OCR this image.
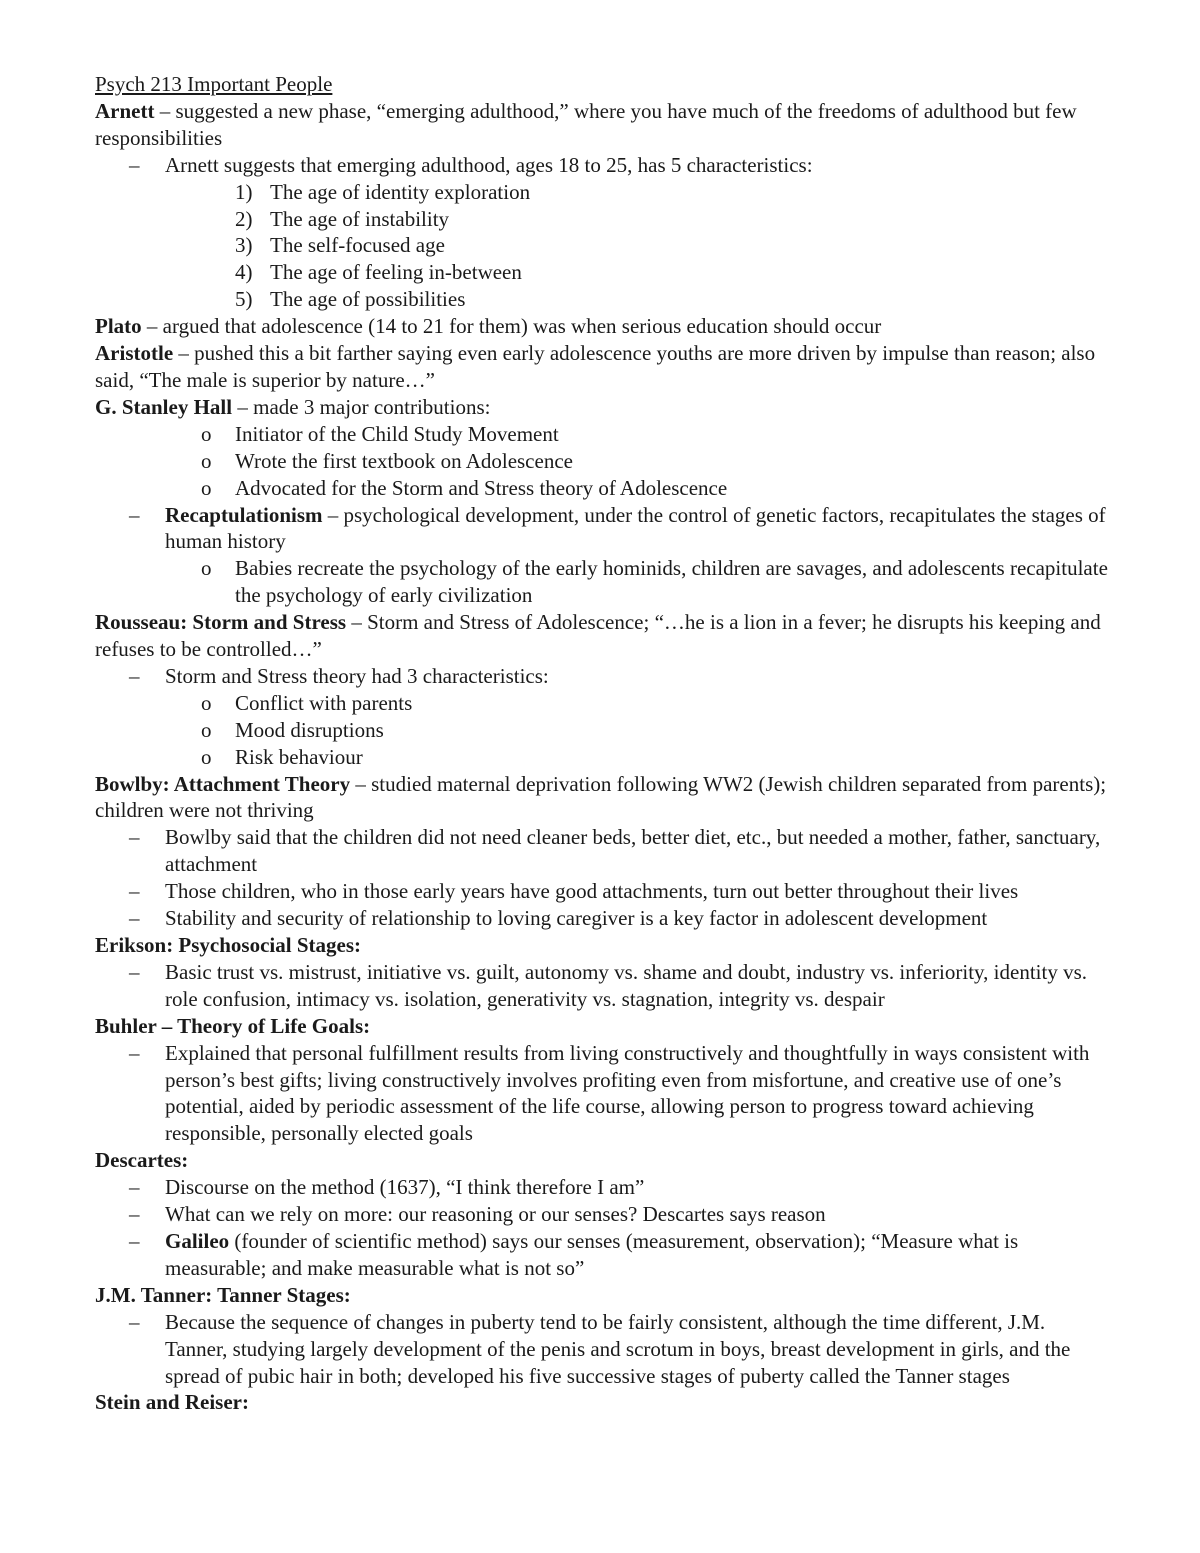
Psych 213 Important People

Arnett – suggested a new phase, “emerging adulthood,” where you have much of the freedoms of adulthood but few responsibilities

– Arnett suggests that emerging adulthood, ages 18 to 25, has 5 characteristics:
1) The age of identity exploration
2) The age of instability
3) The self-focused age
4) The age of feeling in-between
5) The age of possibilities

Plato – argued that adolescence (14 to 21 for them) was when serious education should occur

Aristotle – pushed this a bit farther saying even early adolescence youths are more driven by impulse than reason; also said, “The male is superior by nature…”

G. Stanley Hall – made 3 major contributions:

o Initiator of the Child Study Movement
o Wrote the first textbook on Adolescence
o Advocated for the Storm and Stress theory of Adolescence
– Recaptulationism – psychological development, under the control of genetic factors, recapitulates the stages of human history
o Babies recreate the psychology of the early hominids, children are savages, and adolescents recapitulate the psychology of early civilization

Rousseau: Storm and Stress – Storm and Stress of Adolescence; “…he is a lion in a fever; he disrupts his keeping and refuses to be controlled…”

– Storm and Stress theory had 3 characteristics:
o Conflict with parents
o Mood disruptions
o Risk behaviour

Bowlby: Attachment Theory – studied maternal deprivation following WW2 (Jewish children separated from parents); children were not thriving

– Bowlby said that the children did not need cleaner beds, better diet, etc., but needed a mother, father, sanctuary, attachment
– Those children, who in those early years have good attachments, turn out better throughout their lives
– Stability and security of relationship to loving caregiver is a key factor in adolescent development

Erikson: Psychosocial Stages:

– Basic trust vs. mistrust, initiative vs. guilt, autonomy vs. shame and doubt, industry vs. inferiority, identity vs. role confusion, intimacy vs. isolation, generativity vs. stagnation, integrity vs. despair

Buhler – Theory of Life Goals:

– Explained that personal fulfillment results from living constructively and thoughtfully in ways consistent with person’s best gifts; living constructively involves profiting even from misfortune, and creative use of one’s potential, aided by periodic assessment of the life course, allowing person to progress toward achieving responsible, personally elected goals

Descartes:

– Discourse on the method (1637), “I think therefore I am”
– What can we rely on more: our reasoning or our senses? Descartes says reason
– Galileo (founder of scientific method) says our senses (measurement, observation); “Measure what is measurable; and make measurable what is not so”

J.M. Tanner: Tanner Stages:

– Because the sequence of changes in puberty tend to be fairly consistent, although the time different, J.M. Tanner, studying largely development of the penis and scrotum in boys, breast development in girls, and the spread of pubic hair in both; developed his five successive stages of puberty called the Tanner stages

Stein and Reiser:
